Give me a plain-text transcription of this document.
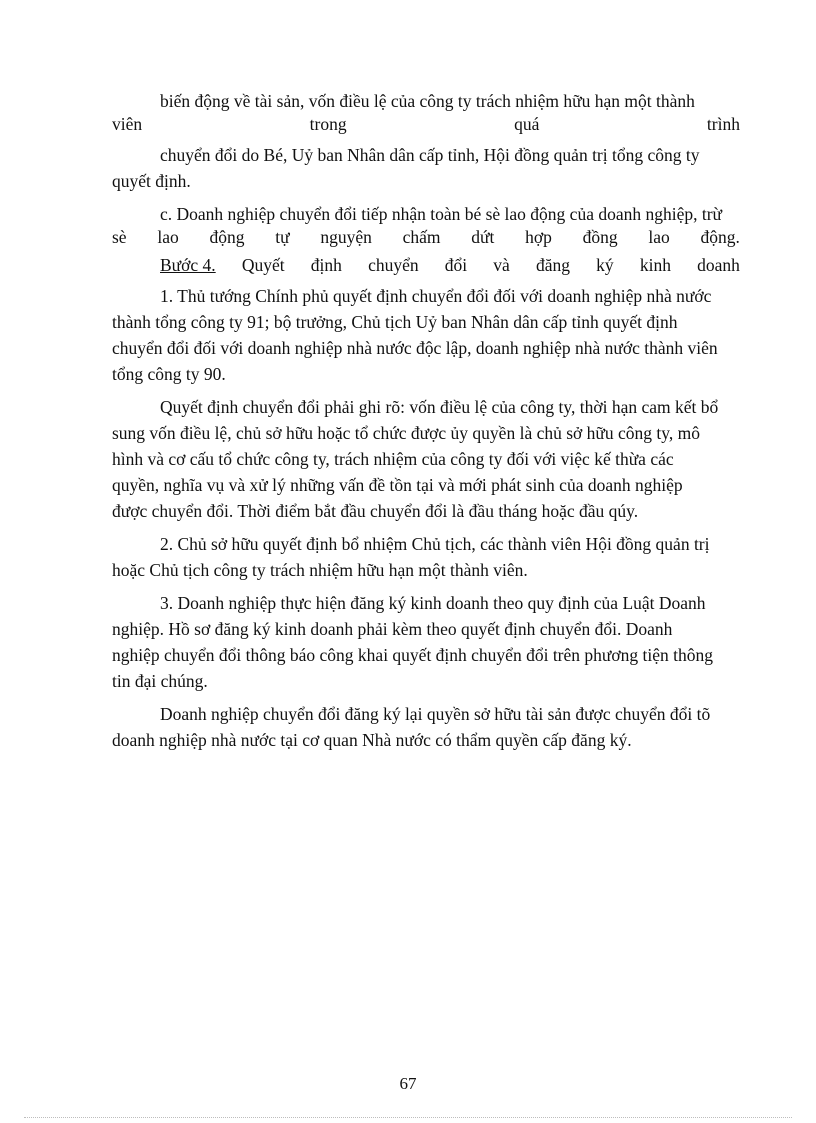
biến động về tài sản, vốn điều lệ của công ty trách nhiệm hữu hạn một thành
viên	trong	quá	trình
chuyển đổi do Bé, Uỷ ban Nhân dân cấp tỉnh, Hội đồng quản trị tổng công ty
quyết định.
c. Doanh nghiệp chuyển đổi tiếp nhận toàn bé sè lao động của doanh nghiệp, trừ
sè lao động tự nguyện chấm dứt hợp đồng lao động.
Bước 4. Quyết định chuyển đổi và đăng ký kinh doanh
1. Thủ tướng Chính phủ quyết định chuyển đổi đối với doanh nghiệp nhà nước
thành tổng công ty 91; bộ trưởng, Chủ tịch Uỷ ban Nhân dân cấp tỉnh quyết định
chuyển đổi đối với doanh nghiệp nhà nước độc lập, doanh nghiệp nhà nước thành viên
tổng công ty 90.
Quyết định chuyển đổi phải ghi rõ: vốn điều lệ của công ty, thời hạn cam kết bổ
sung vốn điều lệ, chủ sở hữu hoặc tổ chức được ủy quyền là chủ sở hữu công ty, mô
hình và cơ cấu tổ chức công ty, trách nhiệm của công ty đối với việc kế thừa các
quyền, nghĩa vụ và xử lý những vấn đề tồn tại và mới phát sinh của doanh nghiệp
được chuyển đổi. Thời điểm bắt đầu chuyển đổi là đầu tháng hoặc đầu qúy.
2. Chủ sở hữu quyết định bổ nhiệm Chủ tịch, các thành viên Hội đồng quản trị
hoặc Chủ tịch công ty trách nhiệm hữu hạn một thành viên.
3. Doanh nghiệp thực hiện đăng ký kinh doanh theo quy định của Luật Doanh
nghiệp. Hồ sơ đăng ký kinh doanh phải kèm theo quyết định chuyển đổi. Doanh
nghiệp chuyển đổi thông báo công khai quyết định chuyển đổi trên phương tiện thông
tin đại chúng.
Doanh nghiệp chuyển đổi đăng ký lại quyền sở hữu tài sản được chuyển đổi tõ
doanh nghiệp nhà nước tại cơ quan Nhà nước có thẩm quyền cấp đăng ký.
67
